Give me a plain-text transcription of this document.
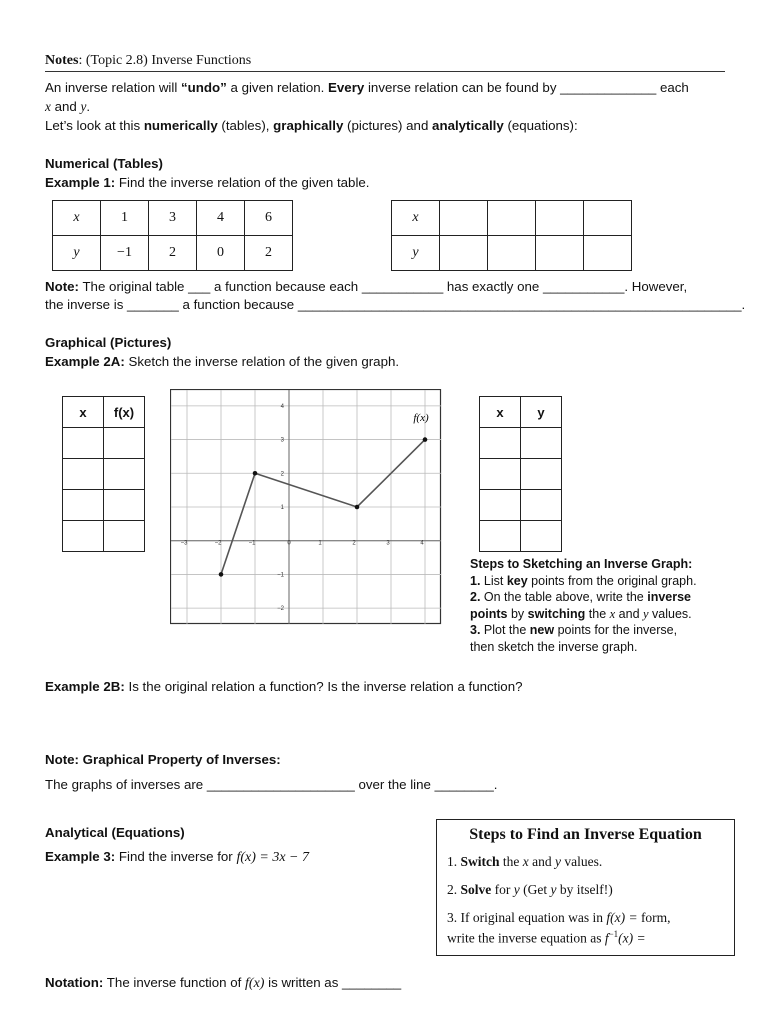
Notes: (Topic 2.8) Inverse Functions
An inverse relation will “undo” a given relation. Every inverse relation can be found by _____________ each
x and y.
Let’s look at this numerically (tables), graphically (pictures) and analytically (equations):
Numerical (Tables)
Example 1: Find the inverse relation of the given table.
x	1	3	4	6
y	−1	2	0	2
x				
y				
Note: The original table ___ a function because each ___________ has exactly one ___________. However,
the inverse is _______ a function because ____________________________________________________________.
Graphical (Pictures)
Example 2A: Sketch the inverse relation of the given graph.
x	f(x)

−3	−2	−1	0	1	2	3	4
4
3
2
1
−1
−2
f(x)	x	y

Steps to Sketching an Inverse Graph:
1. List key points from the original graph.
2. On the table above, write the inverse
points by switching the x and y values.
3. Plot the new points for the inverse,
then sketch the inverse graph.
Example 2B: Is the original relation a function? Is the inverse relation a function?
Note: Graphical Property of Inverses:
The graphs of inverses are ____________________ over the line ________.
Analytical (Equations)
Example 3: Find the inverse for f(x) = 3x − 7
Steps to Find an Inverse Equation
1. Switch the x and y values.
2. Solve for y (Get y by itself!)
3. If original equation was in f(x) = form,
write the inverse equation as $f^{-1}(x)$ =
Notation: The inverse function of f(x) is written as ________
